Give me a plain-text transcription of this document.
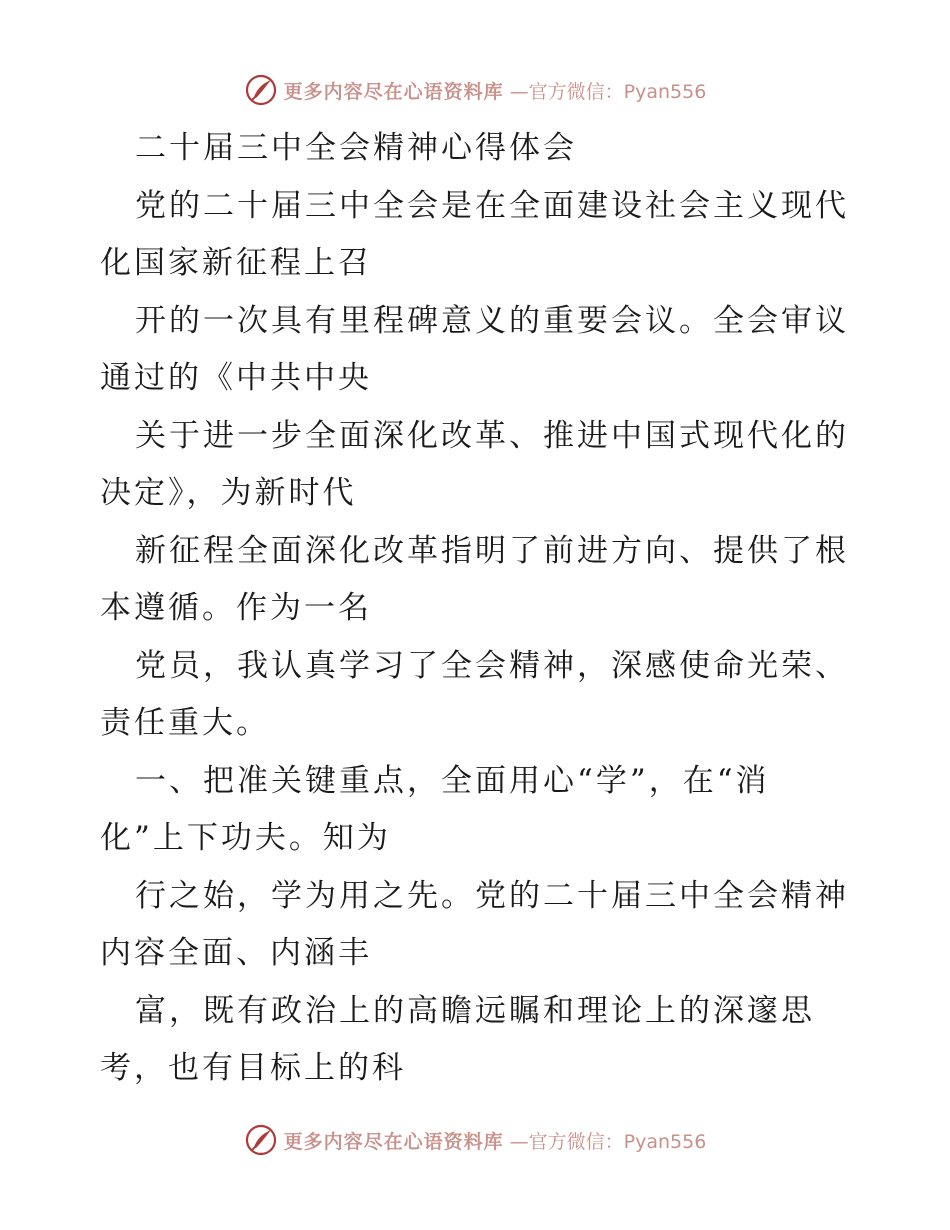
更多内容尽在心语资料库 —官方微信：Pyan556
二十届三中全会精神心得体会
党的二十届三中全会是在全面建设社会主义现代
化国家新征程上召
开的一次具有里程碑意义的重要会议。全会审议
通过的《中共中央
关于进一步全面深化改革、推进中国式现代化的
决定》，为新时代
新征程全面深化改革指明了前进方向、提供了根
本遵循。作为一名
党员，我认真学习了全会精神，深感使命光荣、
责任重大。
一、把准关键重点，全面用心“学”，在“消
化”上下功夫。知为
行之始，学为用之先。党的二十届三中全会精神
内容全面、内涵丰
富，既有政治上的高瞻远瞩和理论上的深邃思
考，也有目标上的科
更多内容尽在心语资料库 —官方微信：Pyan556
